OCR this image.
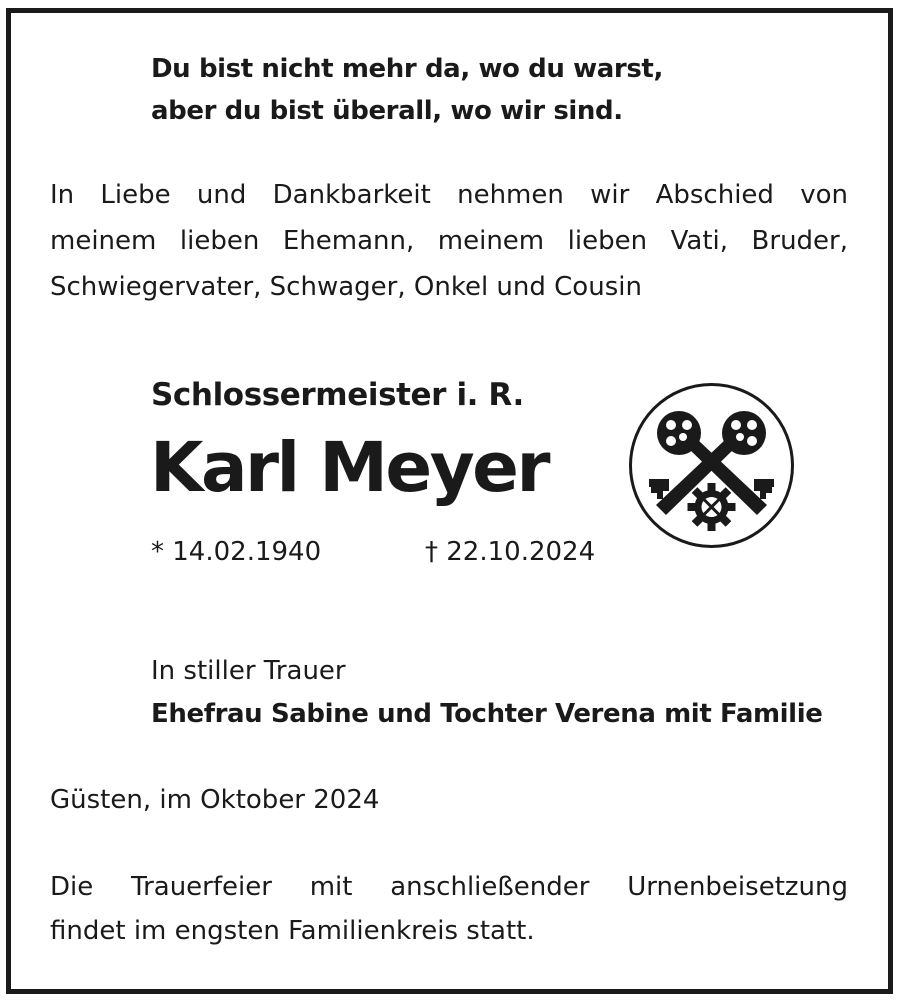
Du bist nicht mehr da, wo du warst,
aber du bist überall, wo wir sind.
In Liebe und Dankbarkeit nehmen wir Abschied von
meinem lieben Ehemann, meinem lieben Vati, Bruder,
Schwiegervater, Schwager, Onkel und Cousin
Schlossermeister i. R.
Karl Meyer
* 14.02.1940	† 22.10.2024
In stiller Trauer
Ehefrau Sabine und Tochter Verena mit Familie
Güsten, im Oktober 2024
Die Trauerfeier mit anschließender Urnenbeisetzung
findet im engsten Familienkreis statt.
